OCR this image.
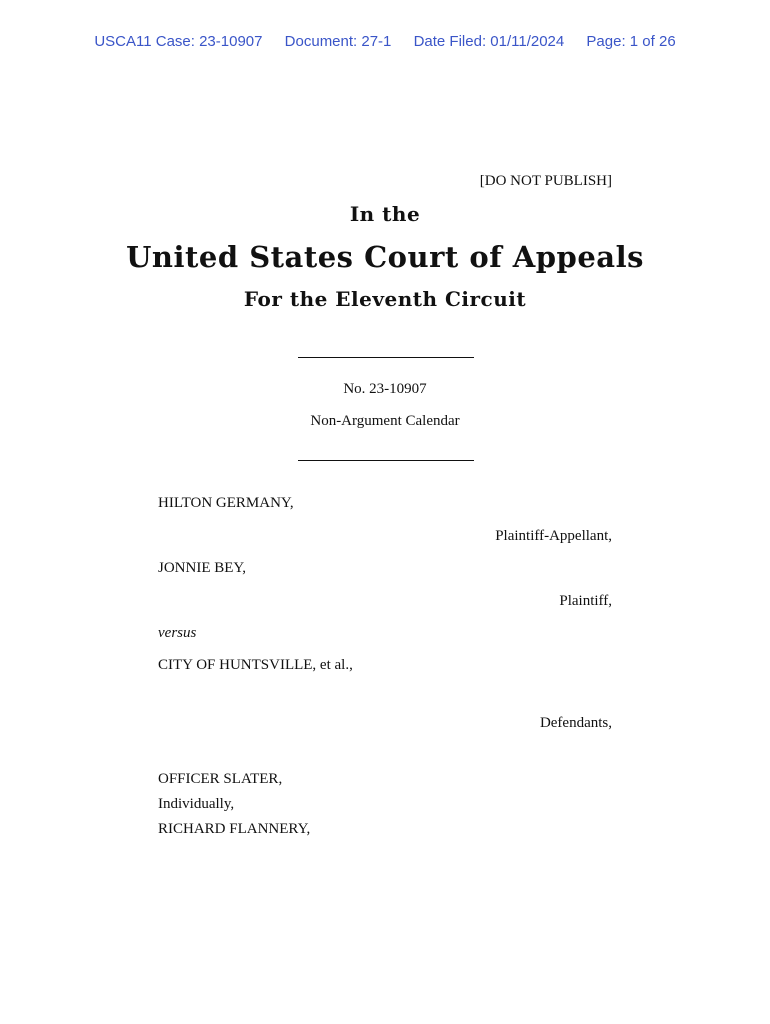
USCA11 Case: 23-10907 Document: 27-1 Date Filed: 01/11/2024 Page: 1 of 26
[DO NOT PUBLISH]
In the
United States Court of Appeals
For the Eleventh Circuit
No. 23-10907
Non-Argument Calendar
HILTON GERMANY,
Plaintiff-Appellant,
JONNIE BEY,
Plaintiff,
versus
CITY OF HUNTSVILLE, et al.,
Defendants,
OFFICER SLATER,
Individually,
RICHARD FLANNERY,
